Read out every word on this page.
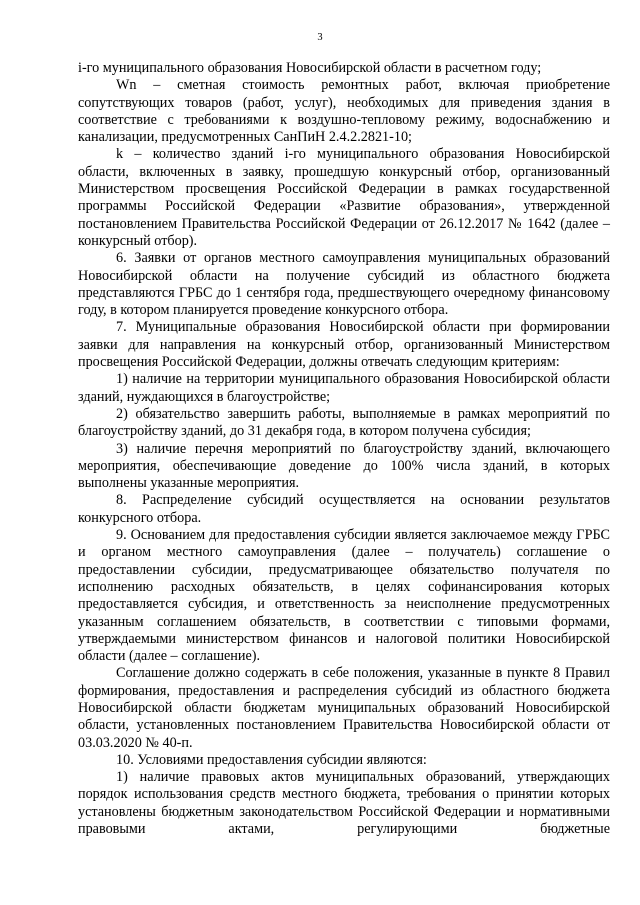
3

i-го муниципального образования Новосибирской области в расчетном году;

Wn – сметная стоимость ремонтных работ, включая приобретение сопутствующих товаров (работ, услуг), необходимых для приведения здания в соответствие с требованиями к воздушно-тепловому режиму, водоснабжению и канализации, предусмотренных СанПиН 2.4.2.2821-10;

k – количество зданий i-го муниципального образования Новосибирской области, включенных в заявку, прошедшую конкурсный отбор, организованный Министерством просвещения Российской Федерации в рамках государственной программы Российской Федерации «Развитие образования», утвержденной постановлением Правительства Российской Федерации от 26.12.2017 № 1642 (далее – конкурсный отбор).

6. Заявки от органов местного самоуправления муниципальных образований Новосибирской области на получение субсидий из областного бюджета представляются ГРБС до 1 сентября года, предшествующего очередному финансовому году, в котором планируется проведение конкурсного отбора.

7. Муниципальные образования Новосибирской области при формировании заявки для направления на конкурсный отбор, организованный Министерством просвещения Российской Федерации, должны отвечать следующим критериям:

1) наличие на территории муниципального образования Новосибирской области зданий, нуждающихся в благоустройстве;

2) обязательство завершить работы, выполняемые в рамках мероприятий по благоустройству зданий, до 31 декабря года, в котором получена субсидия;

3) наличие перечня мероприятий по благоустройству зданий, включающего мероприятия, обеспечивающие доведение до 100% числа зданий, в которых выполнены указанные мероприятия.

8. Распределение субсидий осуществляется на основании результатов конкурсного отбора.

9. Основанием для предоставления субсидии является заключаемое между ГРБС и органом местного самоуправления (далее – получатель) соглашение о предоставлении субсидии, предусматривающее обязательство получателя по исполнению расходных обязательств, в целях софинансирования которых предоставляется субсидия, и ответственность за неисполнение предусмотренных указанным соглашением обязательств, в соответствии с типовыми формами, утверждаемыми министерством финансов и налоговой политики Новосибирской области (далее – соглашение).

Соглашение должно содержать в себе положения, указанные в пункте 8 Правил формирования, предоставления и распределения субсидий из областного бюджета Новосибирской области бюджетам муниципальных образований Новосибирской области, установленных постановлением Правительства Новосибирской области от 03.03.2020 № 40-п.

10. Условиями предоставления субсидии являются:

1) наличие правовых актов муниципальных образований, утверждающих порядок использования средств местного бюджета, требования о принятии которых установлены бюджетным законодательством Российской Федерации и нормативными правовыми актами, регулирующими бюджетные
